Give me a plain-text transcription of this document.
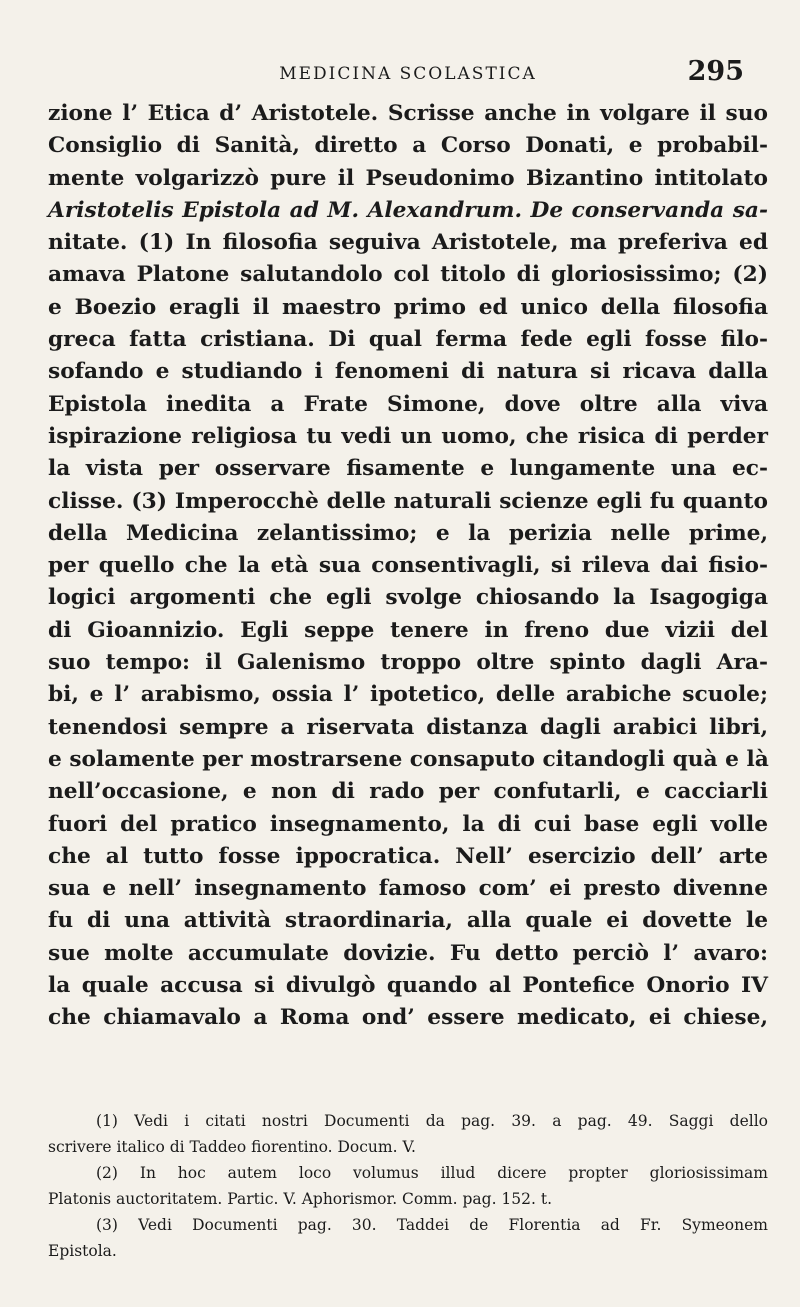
MEDICINA SCOLASTICA	295
zione l’ Etica d’ Aristotele. Scrisse anche in volgare il suo
Consiglio di Sanità, diretto a Corso Donati, e probabil-
mente volgarizzò pure il Pseudonimo Bizantino intitolato
Aristotelis Epistola ad M. Alexandrum. De conservanda sa-
nitate. (1) In filosofia seguiva Aristotele, ma preferiva ed
amava Platone salutandolo col titolo di gloriosissimo; (2)
e Boezio eragli il maestro primo ed unico della filosofia
greca fatta cristiana. Di qual ferma fede egli fosse filo-
sofando e studiando i fenomeni di natura si ricava dalla
Epistola inedita a Frate Simone, dove oltre alla viva
ispirazione religiosa tu vedi un uomo, che risica di perder
la vista per osservare fisamente e lungamente una ec-
clisse. (3) Imperocchè delle naturali scienze egli fu quanto
della Medicina zelantissimo; e la perizia nelle prime,
per quello che la età sua consentivagli, si rileva dai fisio-
logici argomenti che egli svolge chiosando la Isagogiga
di Gioannizio. Egli seppe tenere in freno due vizii del
suo tempo: il Galenismo troppo oltre spinto dagli Ara-
bi, e l’ arabismo, ossia l’ ipotetico, delle arabiche scuole;
tenendosi sempre a riservata distanza dagli arabici libri,
e solamente per mostrarsene consaputo citandogli quà e là
nell’occasione, e non di rado per confutarli, e cacciarli
fuori del pratico insegnamento, la di cui base egli volle
che al tutto fosse ippocratica. Nell’ esercizio dell’ arte
sua e nell’ insegnamento famoso com’ ei presto divenne
fu di una attività straordinaria, alla quale ei dovette le
sue molte accumulate dovizie. Fu detto perciò l’ avaro:
la quale accusa si divulgò quando al Pontefice Onorio IV
che chiamavalo a Roma ond’ essere medicato, ei chiese,
(1) Vedi i citati nostri Documenti da pag. 39. a pag. 49. Saggi dello
scrivere italico di Taddeo fiorentino. Docum. V.
(2) In hoc autem loco volumus illud dicere propter gloriosissimam
Platonis auctoritatem. Partic. V. Aphorismor. Comm. pag. 152. t.
(3) Vedi Documenti pag. 30. Taddei de Florentia ad Fr. Symeonem
Epistola.
